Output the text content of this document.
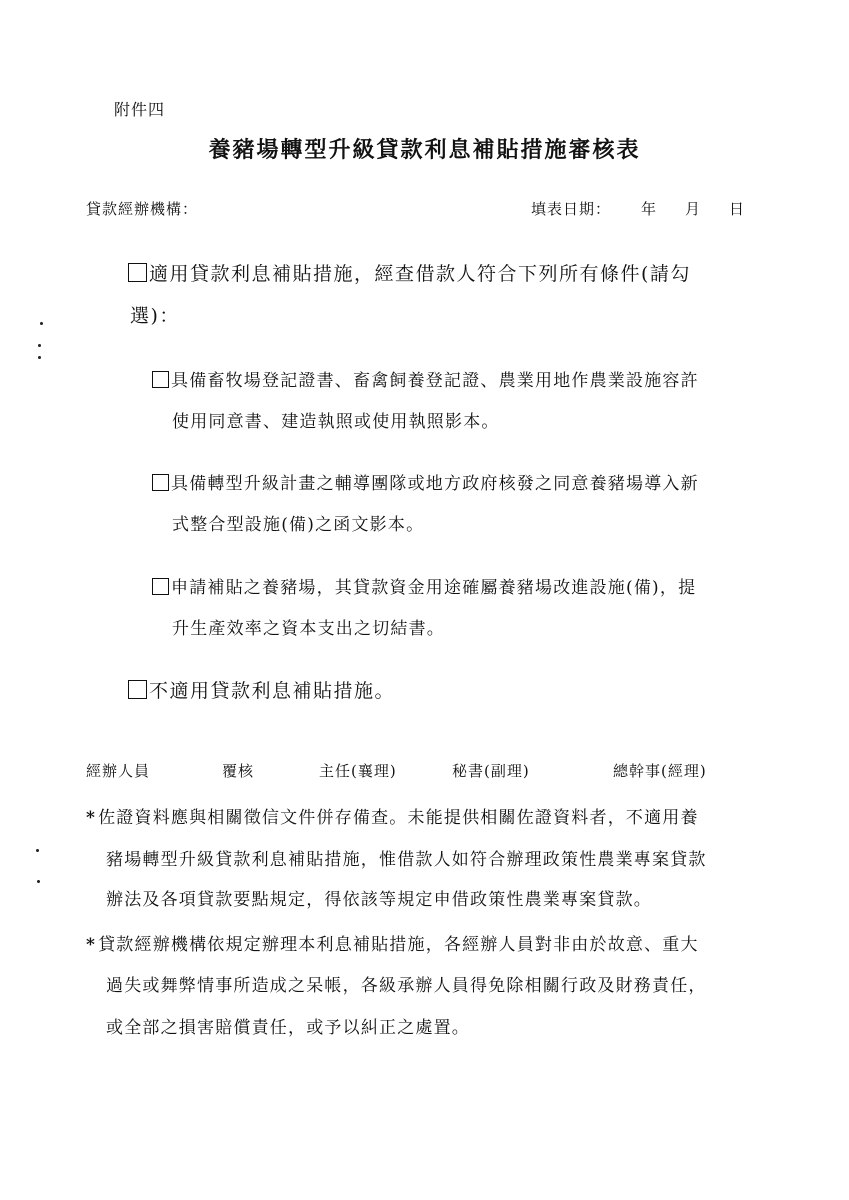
附件四
養豬場轉型升級貸款利息補貼措施審核表
貸款經辦機構：	填表日期： 年 月 日
適用貸款利息補貼措施，經查借款人符合下列所有條件(請勾
選)：
具備畜牧場登記證書、畜禽飼養登記證、農業用地作農業設施容許
使用同意書、建造執照或使用執照影本。
具備轉型升級計畫之輔導團隊或地方政府核發之同意養豬場導入新
式整合型設施(備)之函文影本。
申請補貼之養豬場，其貸款資金用途確屬養豬場改進設施(備)，提
升生產效率之資本支出之切結書。
不適用貸款利息補貼措施。
經辦人員	覆核	主任(襄理)	秘書(副理)	總幹事(經理)
* 佐證資料應與相關徵信文件併存備查。未能提供相關佐證資料者，不適用養
豬場轉型升級貸款利息補貼措施，惟借款人如符合辦理政策性農業專案貸款
辦法及各項貸款要點規定，得依該等規定申借政策性農業專案貸款。
* 貸款經辦機構依規定辦理本利息補貼措施，各經辦人員對非由於故意、重大
過失或舞弊情事所造成之呆帳，各級承辦人員得免除相關行政及財務責任，
或全部之損害賠償責任，或予以糾正之處置。
